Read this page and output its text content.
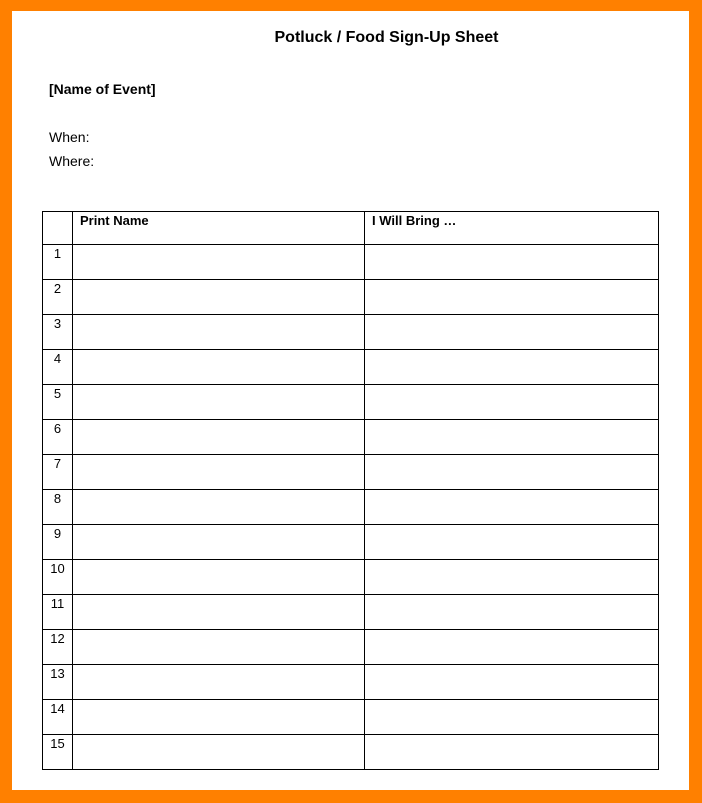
Potluck / Food Sign-Up Sheet
[Name of Event]
When:
Where:
	Print Name	I Will Bring …
1		
2		
3		
4		
5		
6		
7		
8		
9		
10		
11		
12		
13		
14		
15		
